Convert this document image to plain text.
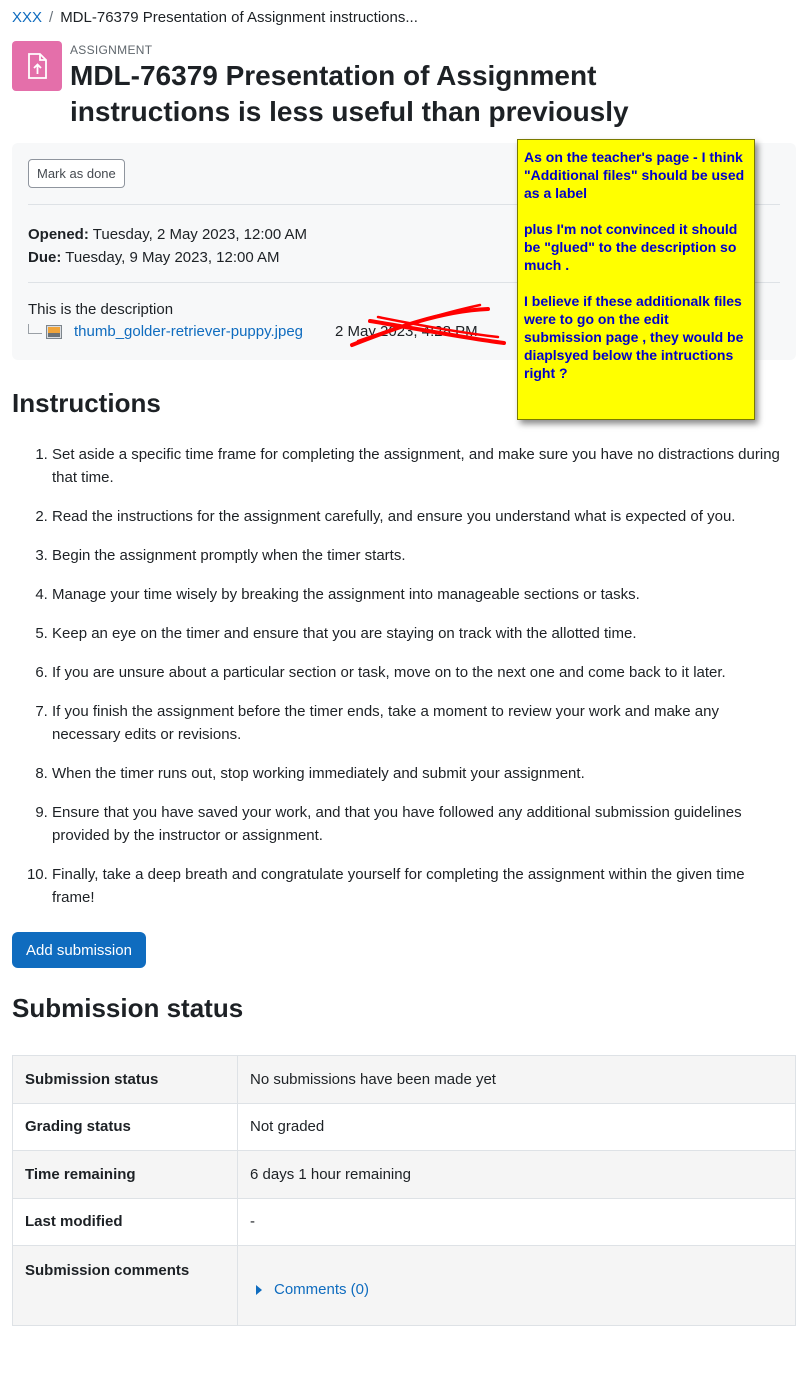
XXX / MDL-76379 Presentation of Assignment instructions...
ASSIGNMENT
MDL-76379 Presentation of Assignment instructions is less useful than previously
Mark as done
Opened: Tuesday, 2 May 2023, 12:00 AM
Due: Tuesday, 9 May 2023, 12:00 AM
This is the description
thumb_golder-retriever-puppy.jpeg 2 May 2023, 4:28 PM
Instructions
1. Set aside a specific time frame for completing the assignment, and make sure you have no distractions during that time.
2. Read the instructions for the assignment carefully, and ensure you understand what is expected of you.
3. Begin the assignment promptly when the timer starts.
4. Manage your time wisely by breaking the assignment into manageable sections or tasks.
5. Keep an eye on the timer and ensure that you are staying on track with the allotted time.
6. If you are unsure about a particular section or task, move on to the next one and come back to it later.
7. If you finish the assignment before the timer ends, take a moment to review your work and make any necessary edits or revisions.
8. When the timer runs out, stop working immediately and submit your assignment.
9. Ensure that you have saved your work, and that you have followed any additional submission guidelines provided by the instructor or assignment.
10. Finally, take a deep breath and congratulate yourself for completing the assignment within the given time frame!
Add submission
Submission status
Submission status	No submissions have been made yet
Grading status	Not graded
Time remaining	6 days 1 hour remaining
Last modified	-
Submission comments	Comments (0)

As on the teacher's page - I think "Additional files" should be used as a label

plus I'm not convinced it should be "glued" to the description so much .

I believe if these additionalk files were to go on the edit submission page , they would be diaplsyed below the intructions right ?
